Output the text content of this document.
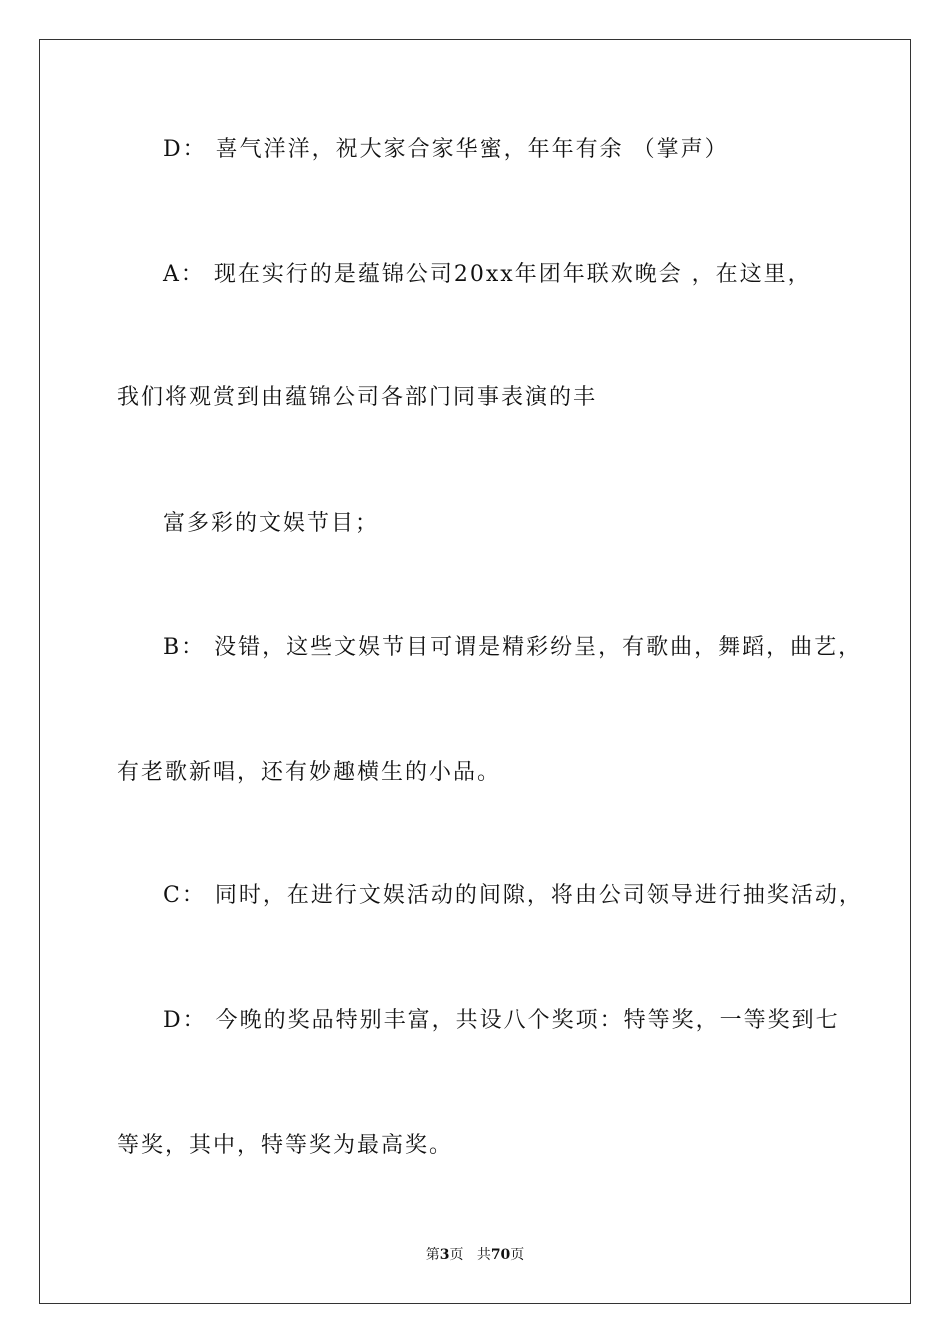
D： 喜气洋洋，祝大家合家华蜜，年年有余 （掌声）
A： 现在实行的是蕴锦公司20xx年团年联欢晚会 ，在这里，
我们将观赏到由蕴锦公司各部门同事表演的丰
富多彩的文娱节目；
B： 没错，这些文娱节目可谓是精彩纷呈，有歌曲，舞蹈，曲艺，
有老歌新唱，还有妙趣横生的小品。
C： 同时，在进行文娱活动的间隙，将由公司领导进行抽奖活动，
D： 今晚的奖品特别丰富，共设八个奖项：特等奖，一等奖到七
等奖，其中，特等奖为最高奖。
第3页 共70页
